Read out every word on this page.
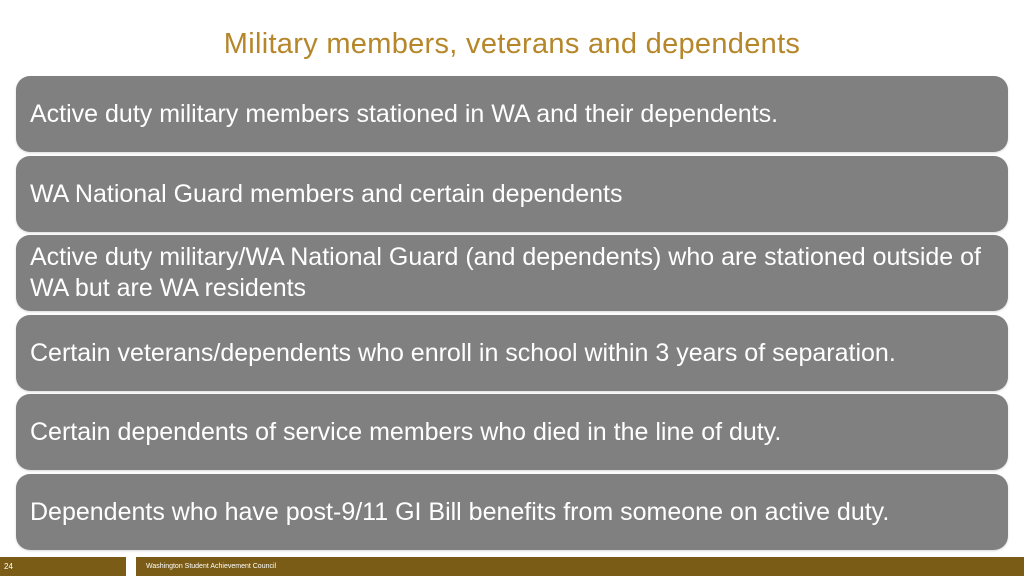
Military members, veterans and dependents
Active duty military members stationed in WA and their dependents.
WA National Guard members and certain dependents
Active duty military/WA National Guard (and dependents) who are stationed outside of WA but are WA residents
Certain veterans/dependents who enroll in school within 3 years of separation.
Certain dependents of service members who died in the line of duty.
Dependents who have post-9/11 GI Bill benefits from someone on active duty.
24	Washington Student Achievement Council
